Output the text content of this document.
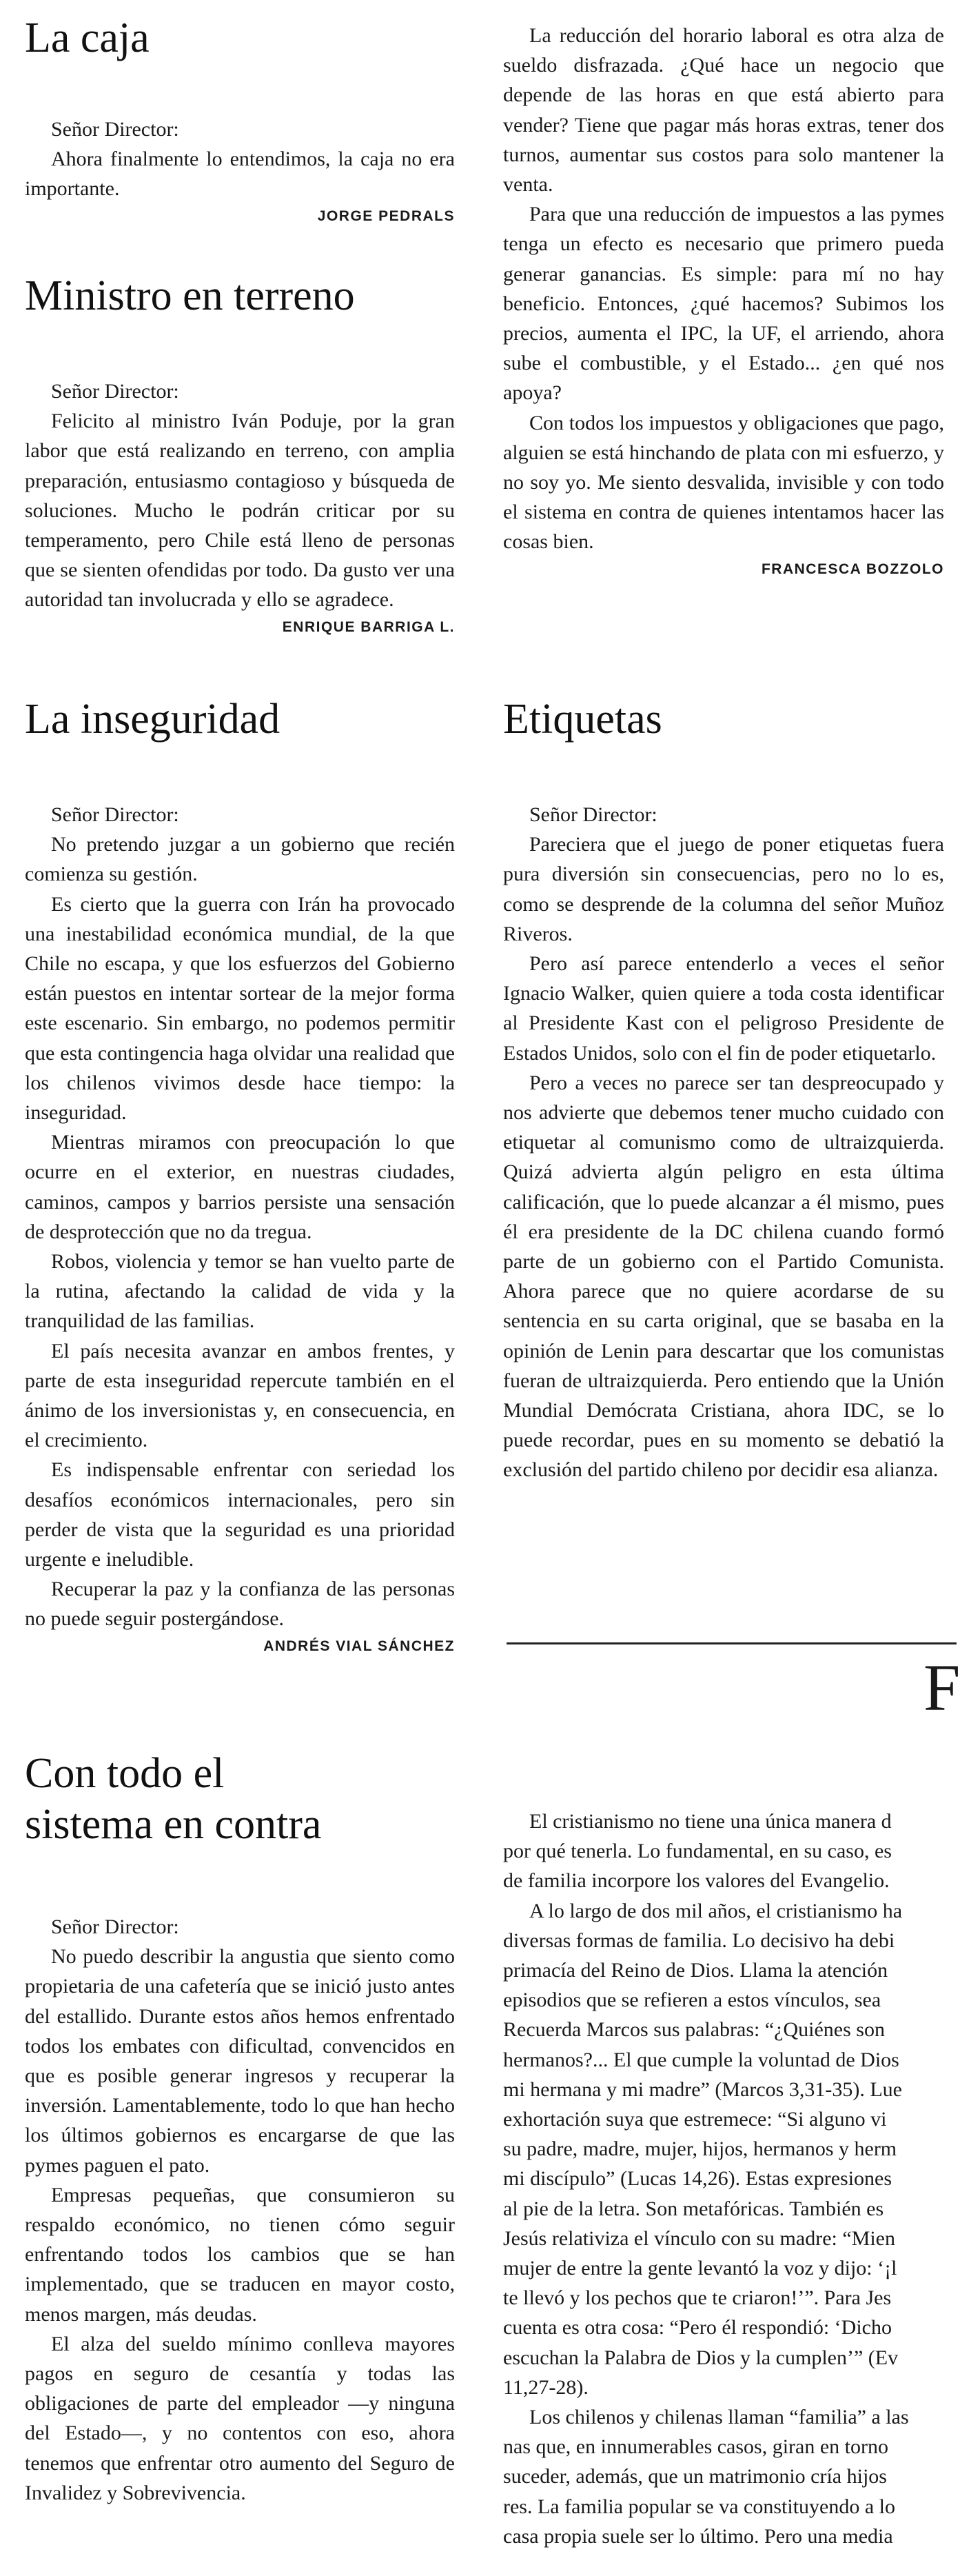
La caja

Señor Director:

Ahora finalmente lo entendimos, la caja no era importante.

JORGE PEDRALS
Ministro en terreno

Señor Director:

Felicito al ministro Iván Poduje, por la gran labor que está realizando en terreno, con amplia preparación, entusiasmo contagioso y búsqueda de soluciones. Mucho le podrán criticar por su temperamento, pero Chile está lleno de personas que se sienten ofendidas por todo. Da gusto ver una autoridad tan involucrada y ello se agradece.

ENRIQUE BARRIGA L.
La inseguridad

Señor Director:

No pretendo juzgar a un gobierno que recién comienza su gestión.

Es cierto que la guerra con Irán ha provocado una inestabilidad económica mundial, de la que Chile no escapa, y que los esfuerzos del Gobierno están puestos en intentar sortear de la mejor forma este escenario. Sin embargo, no podemos permitir que esta contingencia haga olvidar una realidad que los chilenos vivimos desde hace tiempo: la inseguridad.

Mientras miramos con preocupación lo que ocurre en el exterior, en nuestras ciudades, caminos, campos y barrios persiste una sensación de desprotección que no da tregua.

Robos, violencia y temor se han vuelto parte de la rutina, afectando la calidad de vida y la tranquilidad de las familias.

El país necesita avanzar en ambos frentes, y parte de esta inseguridad repercute también en el ánimo de los inversionistas y, en consecuencia, en el crecimiento.

Es indispensable enfrentar con seriedad los desafíos económicos internacionales, pero sin perder de vista que la seguridad es una prioridad urgente e ineludible.

Recuperar la paz y la confianza de las personas no puede seguir postergándose.

ANDRÉS VIAL SÁNCHEZ
Con todo el
sistema en contra

Señor Director:

No puedo describir la angustia que siento como propietaria de una cafetería que se inició justo antes del estallido. Durante estos años hemos enfrentado todos los embates con dificultad, convencidos en que es posible generar ingresos y recuperar la inversión. Lamentablemente, todo lo que han hecho los últimos gobiernos es encargarse de que las pymes paguen el pato.

Empresas pequeñas, que consumieron su respaldo económico, no tienen cómo seguir enfrentando todos los cambios que se han implementado, que se traducen en mayor costo, menos margen, más deudas.

El alza del sueldo mínimo conlleva mayores pagos en seguro de cesantía y todas las obligaciones de parte del empleador —y ninguna del Estado—, y no contentos con eso, ahora tenemos que enfrentar otro aumento del Seguro de Invalidez y Sobrevivencia.

La reducción del horario laboral es otra alza de sueldo disfrazada. ¿Qué hace un negocio que depende de las horas en que está abierto para vender? Tiene que pagar más horas extras, tener dos turnos, aumentar sus costos para solo mantener la venta.

Para que una reducción de impuestos a las pymes tenga un efecto es necesario que primero pueda generar ganancias. Es simple: para mí no hay beneficio. Entonces, ¿qué hacemos? Subimos los precios, aumenta el IPC, la UF, el arriendo, ahora sube el combustible, y el Estado... ¿en qué nos apoya?

Con todos los impuestos y obligaciones que pago, alguien se está hinchando de plata con mi esfuerzo, y no soy yo. Me siento desvalida, invisible y con todo el sistema en contra de quienes intentamos hacer las cosas bien.

FRANCESCA BOZZOLO
Etiquetas

Señor Director:

Pareciera que el juego de poner etiquetas fuera pura diversión sin consecuencias, pero no lo es, como se desprende de la columna del señor Muñoz Riveros.

Pero así parece entenderlo a veces el señor Ignacio Walker, quien quiere a toda costa identificar al Presidente Kast con el peligroso Presidente de Estados Unidos, solo con el fin de poder etiquetarlo.

Pero a veces no parece ser tan despreocupado y nos advierte que debemos tener mucho cuidado con etiquetar al comunismo como de ultraizquierda. Quizá advierta algún peligro en esta última calificación, que lo puede alcanzar a él mismo, pues él era presidente de la DC chilena cuando formó parte de un gobierno con el Partido Comunista. Ahora parece que no quiere acordarse de su sentencia en su carta original, que se basaba en la opinión de Lenin para descartar que los comunistas fueran de ultraizquierda. Pero entiendo que la Unión Mundial Demócrata Cristiana, ahora IDC, se lo puede recordar, pues en su momento se debatió la exclusión del partido chileno por decidir esa alianza.

F
El cristianismo no tiene una única manera d
por qué tenerla. Lo fundamental, en su caso, es
de familia incorpore los valores del Evangelio.
A lo largo de dos mil años, el cristianismo ha
diversas formas de familia. Lo decisivo ha debi
primacía del Reino de Dios. Llama la atención
episodios que se refieren a estos vínculos, sea
Recuerda Marcos sus palabras: “¿Quiénes son
hermanos?... El que cumple la voluntad de Dios
mi hermana y mi madre” (Marcos 3,31-35). Lue
exhortación suya que estremece: “Si alguno vi
su padre, madre, mujer, hijos, hermanos y herm
mi discípulo” (Lucas 14,26). Estas expresiones
al pie de la letra. Son metafóricas. También es
Jesús relativiza el vínculo con su madre: “Mien
mujer de entre la gente levantó la voz y dijo: ‘¡l
te llevó y los pechos que te criaron!’”. Para Jes
cuenta es otra cosa: “Pero él respondió: ‘Dicho
escuchan la Palabra de Dios y la cumplen’” (Ev
11,27-28).
Los chilenos y chilenas llaman “familia” a las
nas que, en innumerables casos, giran en torno
suceder, además, que un matrimonio cría hijos
res. La familia popular se va constituyendo a lo
casa propia suele ser lo último. Pero una media
